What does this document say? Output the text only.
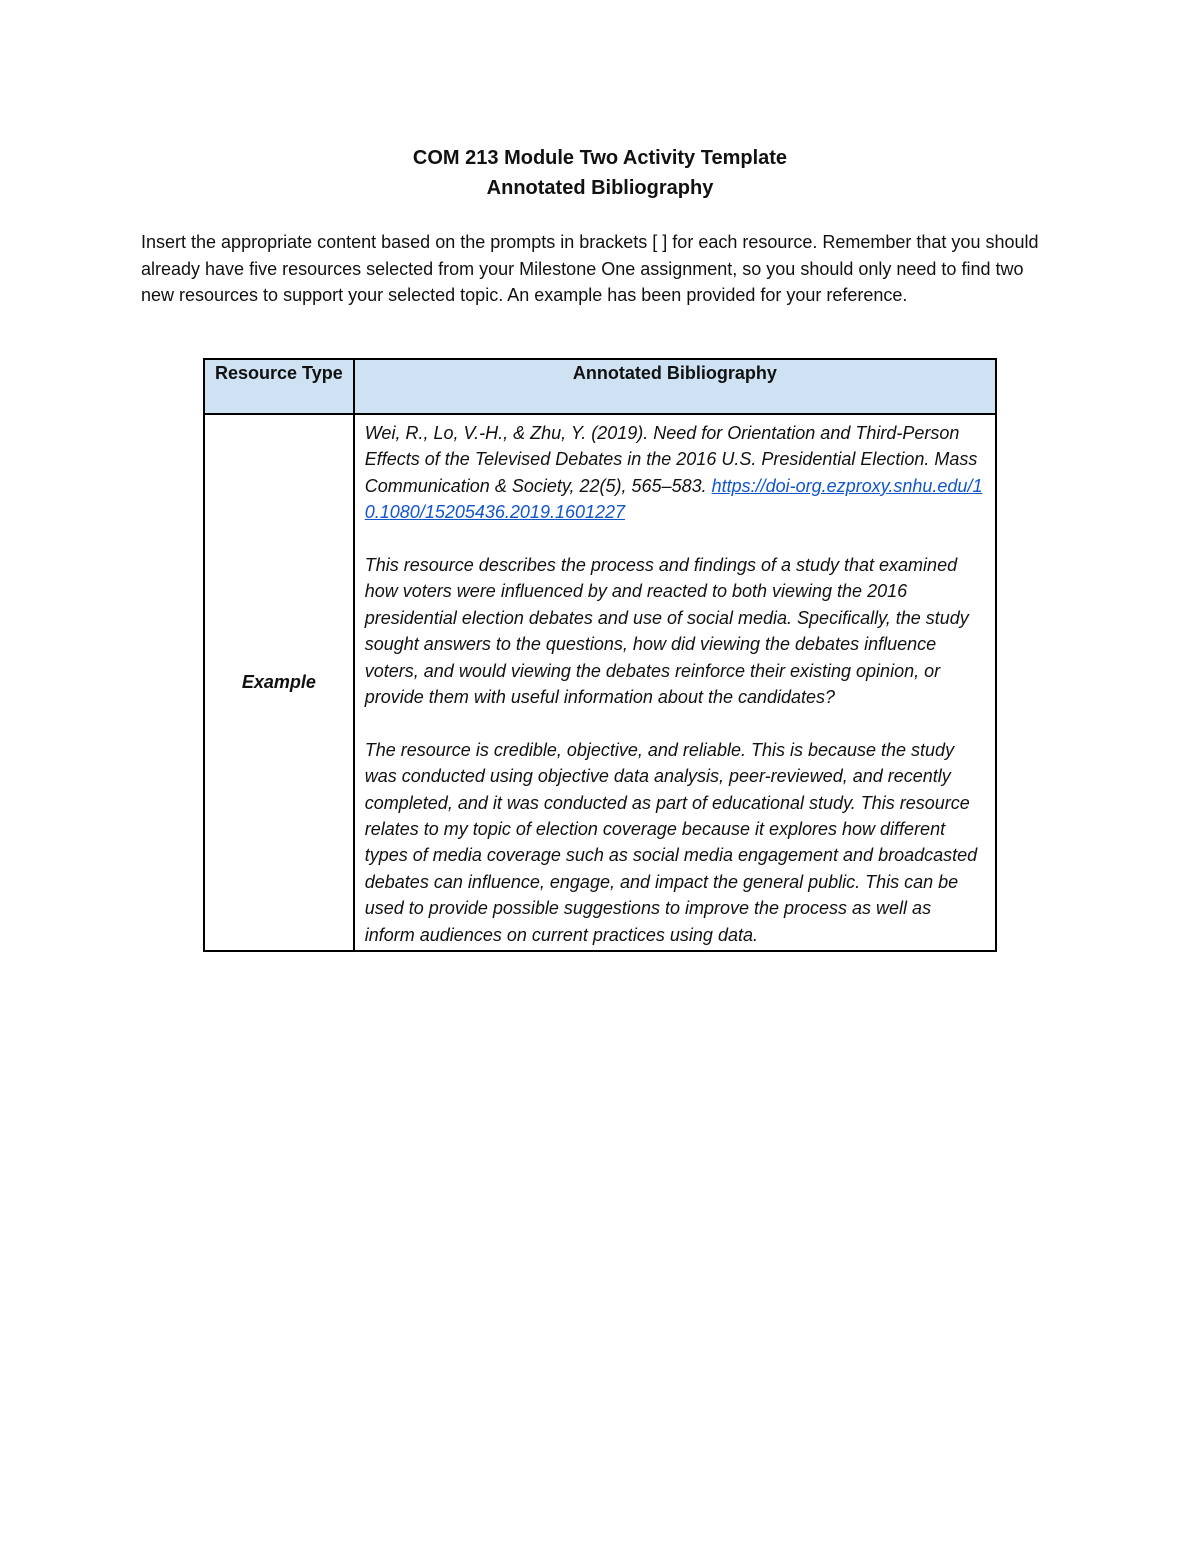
COM 213 Module Two Activity Template
Annotated Bibliography
Insert the appropriate content based on the prompts in brackets [ ] for each resource. Remember that you should already have five resources selected from your Milestone One assignment, so you should only need to find two new resources to support your selected topic. An example has been provided for your reference.
Resource Type	Annotated Bibliography
Example	Wei, R., Lo, V.-H., & Zhu, Y. (2019). Need for Orientation and Third-Person Effects of the Televised Debates in the 2016 U.S. Presidential Election. Mass Communication & Society, 22(5), 565–583. https://doi-org.ezproxy.snhu.edu/10.1080/15205436.2019.1601227

This resource describes the process and findings of a study that examined how voters were influenced by and reacted to both viewing the 2016 presidential election debates and use of social media. Specifically, the study sought answers to the questions, how did viewing the debates influence voters, and would viewing the debates reinforce their existing opinion, or provide them with useful information about the candidates?

The resource is credible, objective, and reliable. This is because the study was conducted using objective data analysis, peer-reviewed, and recently completed, and it was conducted as part of educational study. This resource relates to my topic of election coverage because it explores how different types of media coverage such as social media engagement and broadcasted debates can influence, engage, and impact the general public. This can be used to provide possible suggestions to improve the process as well as inform audiences on current practices using data.
